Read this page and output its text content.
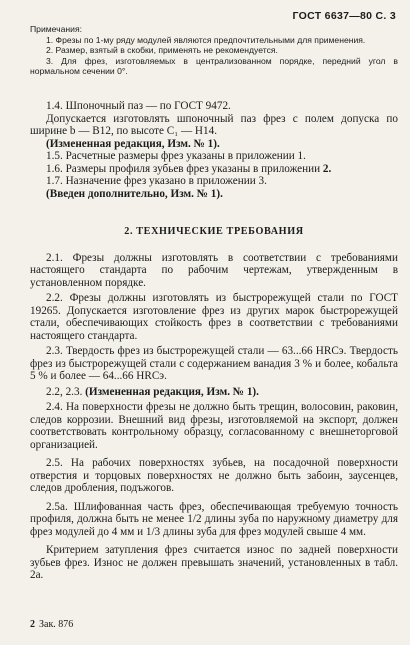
ГОСТ 6637—80 С. 3

Примечания:

1. Фрезы по 1-му ряду модулей являются предпочтительными для применения.

2. Размер, взятый в скобки, применять не рекомендуется.

3. Для фрез, изготовляемых в централизованном порядке, передний угол в нормальном сечении 0°.

1.4. Шпоночный паз — по ГОСТ 9472.

Допускается изготовлять шпоночный паз фрез с полем допуска по ширине b — B12, по высоте C₁ — H14.

(Измененная редакция, Изм. № 1).

1.5. Расчетные размеры фрез указаны в приложении 1.

1.6. Размеры профиля зубьев фрез указаны в приложении 2.

1.7. Назначение фрез указано в приложении 3.

(Введен дополнительно, Изм. № 1).

2. ТЕХНИЧЕСКИЕ ТРЕБОВАНИЯ

2.1. Фрезы должны изготовлять в соответствии с требованиями настоящего стандарта по рабочим чертежам, утвержденным в установленном порядке.

2.2. Фрезы должны изготовлять из быстрорежущей стали по ГОСТ 19265. Допускается изготовление фрез из других марок быстрорежущей стали, обеспечивающих стойкость фрез в соответствии с требованиями настоящего стандарта.

2.3. Твердость фрез из быстрорежущей стали — 63...66 HRCэ. Твердость фрез из быстрорежущей стали с содержанием ванадия 3 % и более, кобальта 5 % и более — 64...66 HRCэ.

2.2, 2.3. (Измененная редакция, Изм. № 1).

2.4. На поверхности фрезы не должно быть трещин, волосовин, раковин, следов коррозии. Внешний вид фрезы, изготовляемой на экспорт, должен соответствовать контрольному образцу, согласованному с внешнеторговой организацией.

2.5. На рабочих поверхностях зубьев, на посадочной поверхности отверстия и торцовых поверхностях не должно быть забоин, заусенцев, следов дробления, подъжогов.

2.5а. Шлифованная часть фрез, обеспечивающая требуемую точность профиля, должна быть не менее 1/2 длины зуба по наружному диаметру для фрез модулей до 4 мм и 1/3 длины зуба для фрез модулей свыше 4 мм.

Критерием затупления фрез считается износ по задней поверхности зубьев фрез. Износ не должен превышать значений, установленных в табл. 2а.

2 Зак. 876
